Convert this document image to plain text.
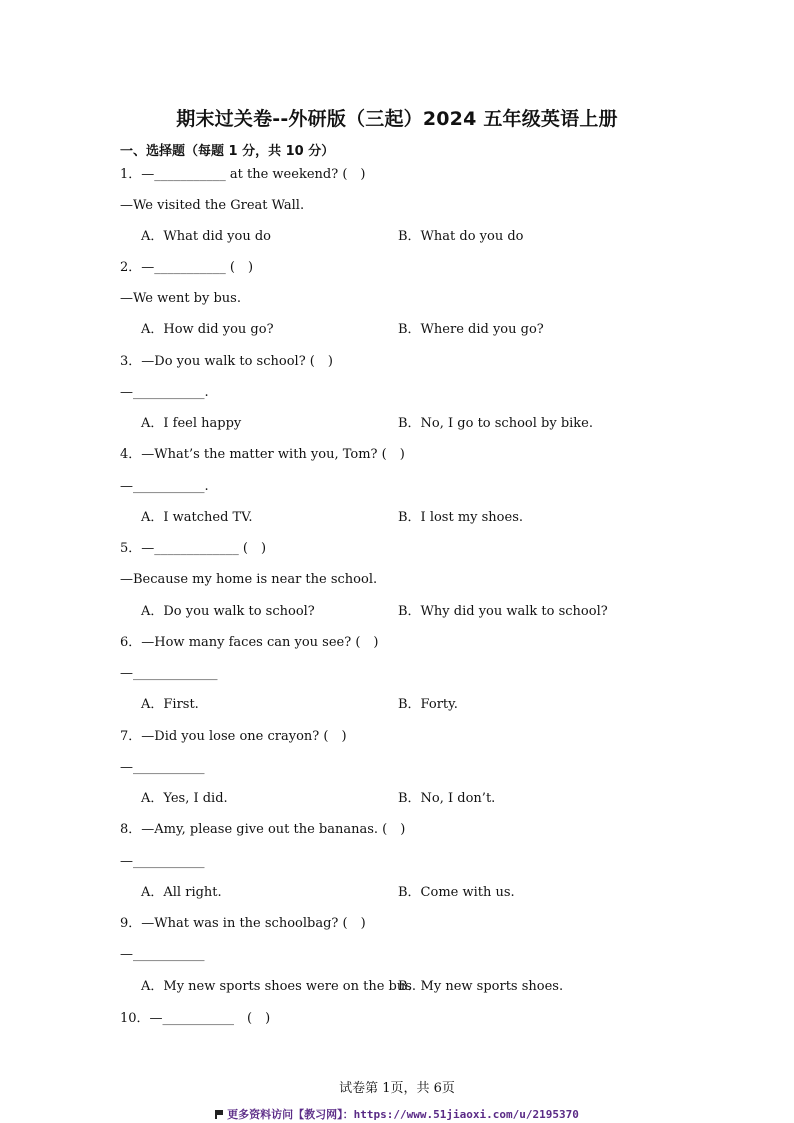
期末过关卷--外研版（三起）2024 五年级英语上册
一、选择题（每题 1 分，共 10 分）
1．—___________ at the weekend? (　)
—We visited the Great Wall.
A．What did you do	B．What do you do
2．—___________ (　)
—We went by bus.
A．How did you go?	B．Where did you go?
3．—Do you walk to school? (　)
—___________.
A．I feel happy	B．No, I go to school by bike.
4．—What’s the matter with you, Tom? (　)
—___________.
A．I watched TV.	B．I lost my shoes.
5．—_____________ (　)
—Because my home is near the school.
A．Do you walk to school?	B．Why did you walk to school?
6．—How many faces can you see? (　)
—_____________
A．First.	B．Forty.
7．—Did you lose one crayon? (　)
—___________
A．Yes, I did.	B．No, I don’t.
8．—Amy, please give out the bananas. (　)
—___________
A．All right.	B．Come with us.
9．—What was in the schoolbag? (　)
—___________
A．My new sports shoes were on the bus.
B．My new sports shoes.
10．—___________　(　)
试卷第 1页，共 6页
更多资料访问【教习网】：https://www.51jiaoxi.com/u/2195370
